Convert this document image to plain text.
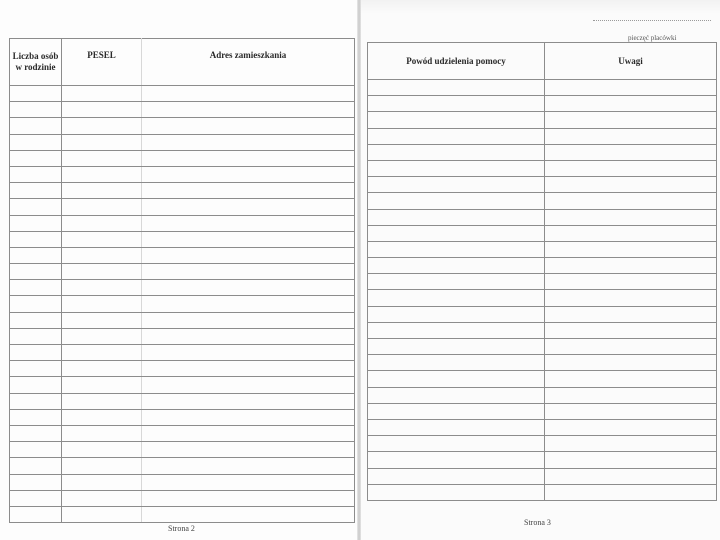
Liczba osób w rodzinie	PESEL	Adres zamieszkania

Strona 2
pieczęć placówki
Powód udzielenia pomocy	Uwagi

Strona 3
